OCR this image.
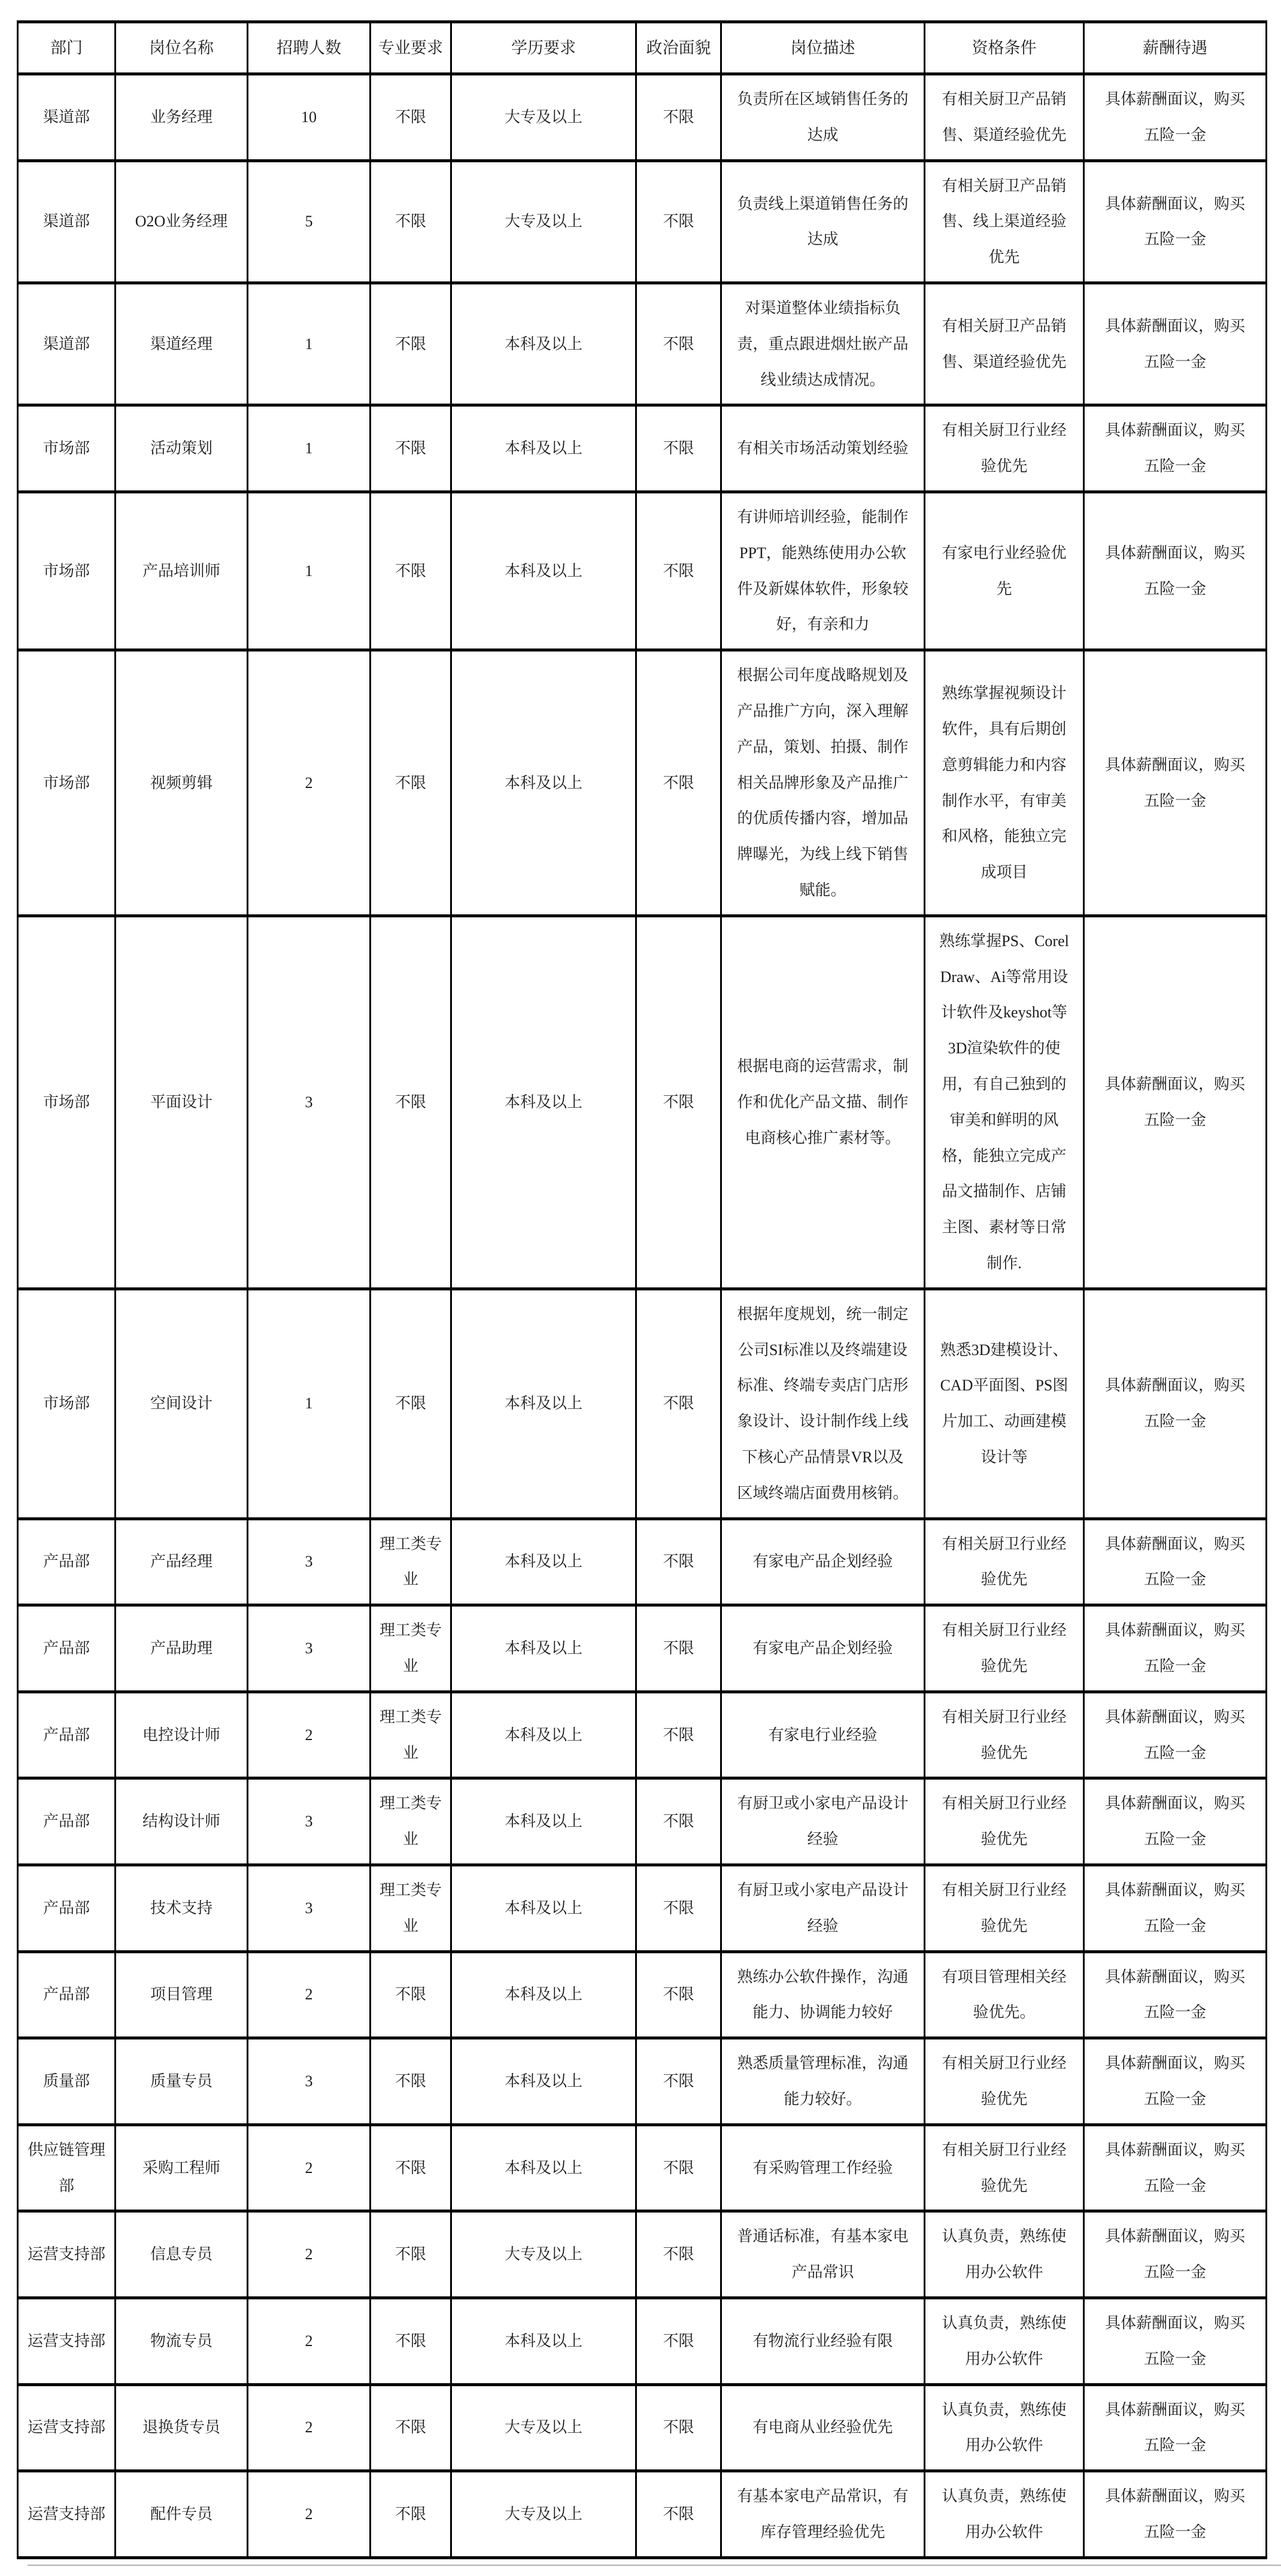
部门	岗位名称	招聘人数	专业要求	学历要求	政治面貌	岗位描述	资格条件	薪酬待遇
渠道部	业务经理	10	不限	大专及以上	不限	负责所在区域销售任务的达成	有相关厨卫产品销售、渠道经验优先	具体薪酬面议，购买五险一金
渠道部	O2O业务经理	5	不限	大专及以上	不限	负责线上渠道销售任务的达成	有相关厨卫产品销售、线上渠道经验优先	具体薪酬面议，购买五险一金
渠道部	渠道经理	1	不限	本科及以上	不限	对渠道整体业绩指标负责，重点跟进烟灶嵌产品线业绩达成情况。	有相关厨卫产品销售、渠道经验优先	具体薪酬面议，购买五险一金
市场部	活动策划	1	不限	本科及以上	不限	有相关市场活动策划经验	有相关厨卫行业经验优先	具体薪酬面议，购买五险一金
市场部	产品培训师	1	不限	本科及以上	不限	有讲师培训经验，能制作PPT，能熟练使用办公软件及新媒体软件，形象较好，有亲和力	有家电行业经验优先	具体薪酬面议，购买五险一金
市场部	视频剪辑	2	不限	本科及以上	不限	根据公司年度战略规划及产品推广方向，深入理解产品，策划、拍摄、制作相关品牌形象及产品推广的优质传播内容，增加品牌曝光，为线上线下销售赋能。	熟练掌握视频设计软件，具有后期创意剪辑能力和内容制作水平，有审美和风格，能独立完成项目	具体薪酬面议，购买五险一金
市场部	平面设计	3	不限	本科及以上	不限	根据电商的运营需求，制作和优化产品文描、制作电商核心推广素材等。	熟练掌握PS、CorelDraw、Ai等常用设计软件及keyshot等3D渲染软件的使用，有自己独到的审美和鲜明的风格，能独立完成产品文描制作、店铺主图、素材等日常制作.	具体薪酬面议，购买五险一金
市场部	空间设计	1	不限	本科及以上	不限	根据年度规划，统一制定公司SI标准以及终端建设标准、终端专卖店门店形象设计、设计制作线上线下核心产品情景VR以及区域终端店面费用核销。	熟悉3D建模设计、CAD平面图、PS图片加工、动画建模设计等	具体薪酬面议，购买五险一金
产品部	产品经理	3	理工类专业	本科及以上	不限	有家电产品企划经验	有相关厨卫行业经验优先	具体薪酬面议，购买五险一金
产品部	产品助理	3	理工类专业	本科及以上	不限	有家电产品企划经验	有相关厨卫行业经验优先	具体薪酬面议，购买五险一金
产品部	电控设计师	2	理工类专业	本科及以上	不限	有家电行业经验	有相关厨卫行业经验优先	具体薪酬面议，购买五险一金
产品部	结构设计师	3	理工类专业	本科及以上	不限	有厨卫或小家电产品设计经验	有相关厨卫行业经验优先	具体薪酬面议，购买五险一金
产品部	技术支持	3	理工类专业	本科及以上	不限	有厨卫或小家电产品设计经验	有相关厨卫行业经验优先	具体薪酬面议，购买五险一金
产品部	项目管理	2	不限	本科及以上	不限	熟练办公软件操作，沟通能力、协调能力较好	有项目管理相关经验优先。	具体薪酬面议，购买五险一金
质量部	质量专员	3	不限	本科及以上	不限	熟悉质量管理标准，沟通能力较好。	有相关厨卫行业经验优先	具体薪酬面议，购买五险一金
供应链管理部	采购工程师	2	不限	本科及以上	不限	有采购管理工作经验	有相关厨卫行业经验优先	具体薪酬面议，购买五险一金
运营支持部	信息专员	2	不限	大专及以上	不限	普通话标准，有基本家电产品常识	认真负责，熟练使用办公软件	具体薪酬面议，购买五险一金
运营支持部	物流专员	2	不限	本科及以上	不限	有物流行业经验有限	认真负责，熟练使用办公软件	具体薪酬面议，购买五险一金
运营支持部	退换货专员	2	不限	大专及以上	不限	有电商从业经验优先	认真负责，熟练使用办公软件	具体薪酬面议，购买五险一金
运营支持部	配件专员	2	不限	大专及以上	不限	有基本家电产品常识，有库存管理经验优先	认真负责，熟练使用办公软件	具体薪酬面议，购买五险一金
